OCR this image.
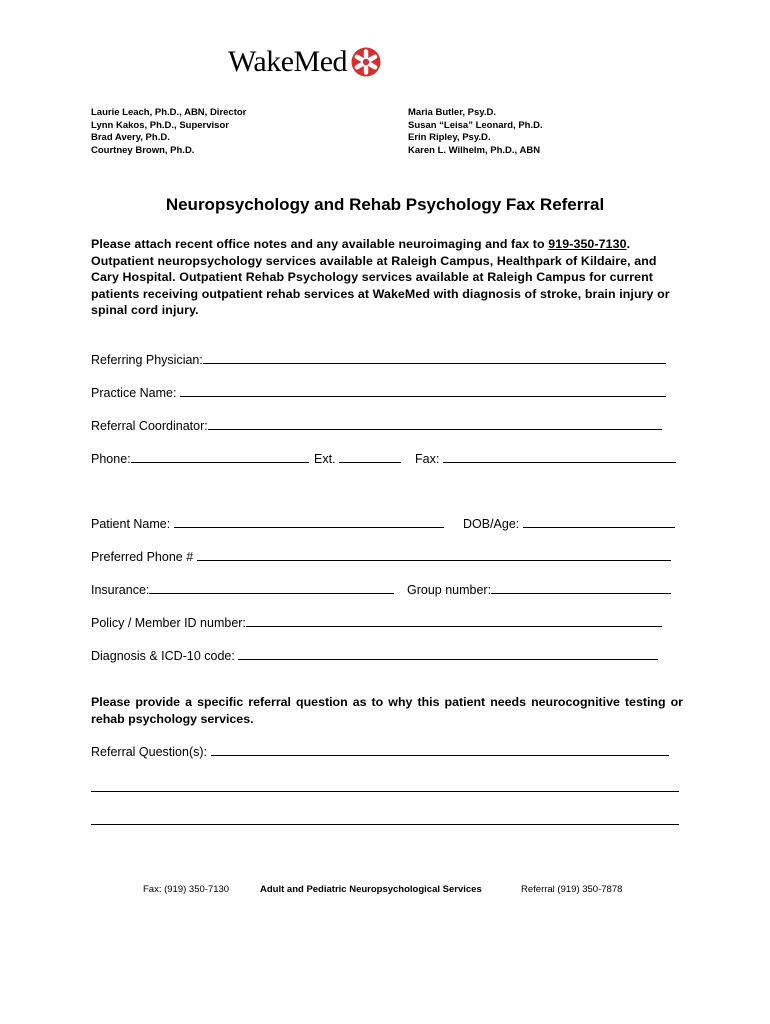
WakeMed
Laurie Leach, Ph.D., ABN, Director
Lynn Kakos, Ph.D., Supervisor
Brad Avery, Ph.D.
Courtney Brown, Ph.D.
Maria Butler, Psy.D.
Susan “Leisa” Leonard, Ph.D.
Erin Ripley, Psy.D.
Karen L. Wilhelm, Ph.D., ABN
Neuropsychology and Rehab Psychology Fax Referral
Please attach recent office notes and any available neuroimaging and fax to 919-350-7130. Outpatient neuropsychology services available at Raleigh Campus, Healthpark of Kildaire, and Cary Hospital. Outpatient Rehab Psychology services available at Raleigh Campus for current patients receiving outpatient rehab services at WakeMed with diagnosis of stroke, brain injury or spinal cord injury.
Referring Physician:
Practice Name:
Referral Coordinator:
Phone:	Ext.	Fax:
Patient Name:	DOB/Age:
Preferred Phone #
Insurance:	Group number:
Policy / Member ID number:
Diagnosis & ICD-10 code:
Please provide a specific referral question as to why this patient needs neurocognitive testing or rehab psychology services.
Referral Question(s):
Fax: (919) 350-7130	Adult and Pediatric Neuropsychological Services	Referral (919) 350-7878
